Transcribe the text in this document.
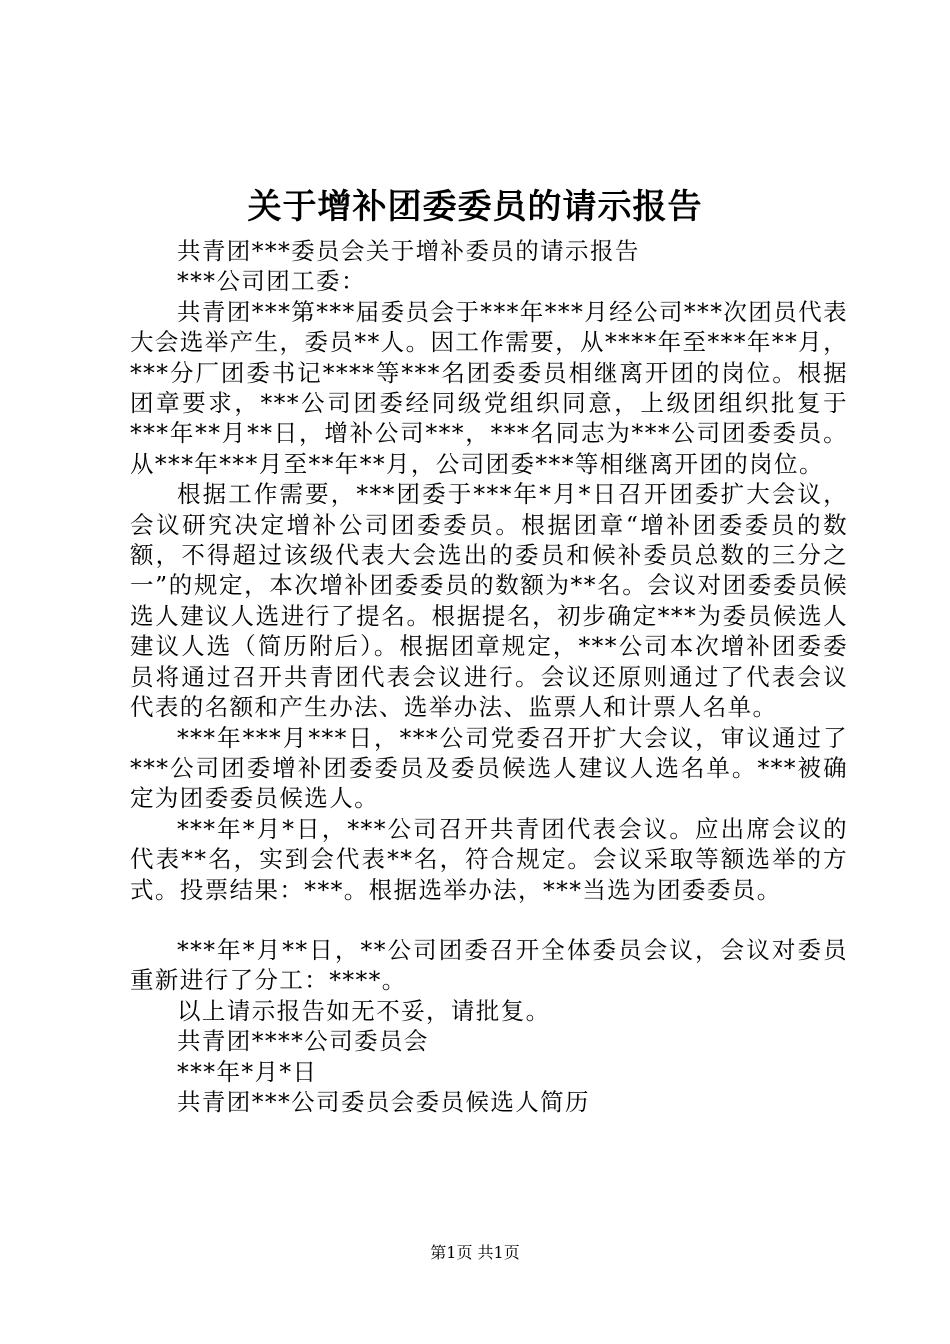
关于增补团委委员的请示报告

共青团***委员会关于增补委员的请示报告

***公司团工委：

共青团***第***届委员会于***年***月经公司***次团员代表大会选举产生，委员**人。因工作需要，从****年至***年**月，***分厂团委书记****等***名团委委员相继离开团的岗位。根据团章要求，***公司团委经同级党组织同意，上级团组织批复于***年**月**日，增补公司***，***名同志为***公司团委委员。从***年***月至**年**月，公司团委***等相继离开团的岗位。

根据工作需要，***团委于***年*月*日召开团委扩大会议，会议研究决定增补公司团委委员。根据团章“增补团委委员的数额，不得超过该级代表大会选出的委员和候补委员总数的三分之一”的规定，本次增补团委委员的数额为**名。会议对团委委员候选人建议人选进行了提名。根据提名，初步确定***为委员候选人建议人选（简历附后）。根据团章规定，***公司本次增补团委委员将通过召开共青团代表会议进行。会议还原则通过了代表会议代表的名额和产生办法、选举办法、监票人和计票人名单。

***年***月***日，***公司党委召开扩大会议，审议通过了***公司团委增补团委委员及委员候选人建议人选名单。***被确定为团委委员候选人。

***年*月*日，***公司召开共青团代表会议。应出席会议的代表**名，实到会代表**名，符合规定。会议采取等额选举的方式。投票结果：***。根据选举办法，***当选为团委委员。

***年*月**日，**公司团委召开全体委员会议，会议对委员重新进行了分工：****。

以上请示报告如无不妥，请批复。

共青团****公司委员会

***年*月*日

共青团***公司委员会委员候选人简历

第1页 共1页
